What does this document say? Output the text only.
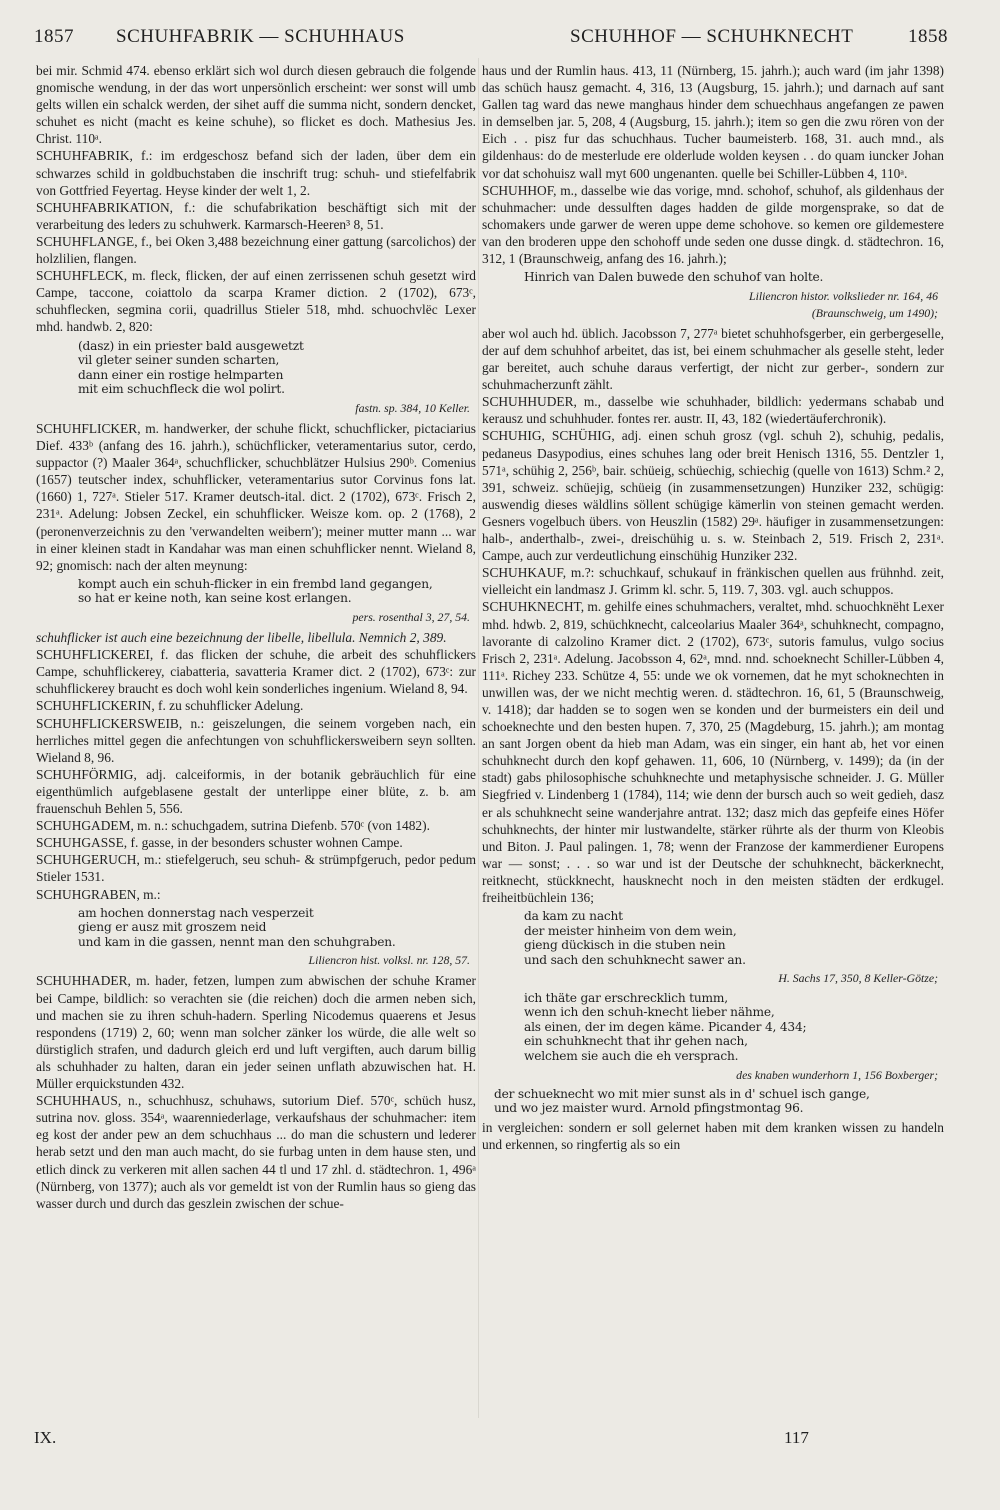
1857 SCHUHFABRIK — SCHUHHAUS	SCHUHHOF — SCHUHKNECHT	1858

bei mir. Schmid 474. ebenso erklärt sich wol durch diesen gebrauch die folgende gnomische wendung, in der das wort unpersönlich erscheint: wer sonst will umb gelts willen ein schalck werden, der sihet auff die summa nicht, sondern dencket, schuhet es nicht (macht es keine schuhe), so flicket es doch. Mathesius Jes. Christ. 110ᵃ.

SCHUHFABRIK, f.: im erdgeschosz befand sich der laden, über dem ein schwarzes schild in goldbuchstaben die inschrift trug: schuh- und stiefelfabrik von Gottfried Feyertag. Heyse kinder der welt 1, 2.

SCHUHFABRIKATION, f.: die schufabrikation beschäftigt sich mit der verarbeitung des leders zu schuhwerk. Karmarsch-Heeren³ 8, 51.

SCHUHFLANGE, f., bei Oken 3,488 bezeichnung einer gattung (sarcolichos) der holzlilien, flangen.

SCHUHFLECK, m. fleck, flicken, der auf einen zerrissenen schuh gesetzt wird Campe, taccone, coiattolo da scarpa Kramer diction. 2 (1702), 673ᶜ, schuhflecken, segmina corii, quadrillus Stieler 518, mhd. schuochvlëc Lexer mhd. handwb. 2, 820:

(dasz) in ein priester bald ausgewetzt
vil gleter seiner sunden scharten,
dann einer ein rostige helmparten
mit eim schuchfleck die wol polirt.
fastn. sp. 384, 10 Keller.

SCHUHFLICKER, m. handwerker, der schuhe flickt, schuchflicker, pictaciarius Dief. 433ᵇ (anfang des 16. jahrh.), schüchflicker, veteramentarius sutor, cerdo, suppactor (?) Maaler 364ᵃ, schuchflicker, schuchblätzer Hulsius 290ᵇ. Comenius (1657) teutscher index, schuhflicker, veteramentarius sutor Corvinus fons lat. (1660) 1, 727ᵃ. Stieler 517. Kramer deutsch-ital. dict. 2 (1702), 673ᶜ. Frisch 2, 231ᵃ. Adelung: Jobsen Zeckel, ein schuhflicker. Weisze kom. op. 2 (1768), 2 (peronenverzeichnis zu den 'verwandelten weibern'); meiner mutter mann ... war in einer kleinen stadt in Kandahar was man einen schuhflicker nennt. Wieland 8, 92; gnomisch: nach der alten meynung:

kompt auch ein schuh-flicker in ein frembd land gegangen,
so hat er keine noth, kan seine kost erlangen.
pers. rosenthal 3, 27, 54.

schuhflicker ist auch eine bezeichnung der libelle, libellula. Nemnich 2, 389.

SCHUHFLICKEREI, f. das flicken der schuhe, die arbeit des schuhflickers Campe, schuhflickerey, ciabatteria, savatteria Kramer dict. 2 (1702), 673ᶜ: zur schuhflickerey braucht es doch wohl kein sonderliches ingenium. Wieland 8, 94.

SCHUHFLICKERIN, f. zu schuhflicker Adelung.

SCHUHFLICKERSWEIB, n.: geiszelungen, die seinem vorgeben nach, ein herrliches mittel gegen die anfechtungen von schuhflickersweibern seyn sollten. Wieland 8, 96.

SCHUHFÖRMIG, adj. calceiformis, in der botanik gebräuchlich für eine eigenthümlich aufgeblasene gestalt der unterlippe einer blüte, z. b. am frauenschuh Behlen 5, 556.

SCHUHGADEM, m. n.: schuchgadem, sutrina Diefenb. 570ᶜ (von 1482).

SCHUHGASSE, f. gasse, in der besonders schuster wohnen Campe.

SCHUHGERUCH, m.: stiefelgeruch, seu schuh- & strümpfgeruch, pedor pedum Stieler 1531.

SCHUHGRABEN, m.:

am hochen donnerstag nach vesperzeit
gieng er ausz mit groszem neid
und kam in die gassen, nennt man den schuhgraben.
Liliencron hist. volksl. nr. 128, 57.

SCHUHHADER, m. hader, fetzen, lumpen zum abwischen der schuhe Kramer bei Campe, bildlich: so verachten sie (die reichen) doch die armen neben sich, und machen sie zu ihren schuh-hadern. Sperling Nicodemus quaerens et Jesus respondens (1719) 2, 60; wenn man solcher zänker los würde, die alle welt so dürstiglich strafen, und dadurch gleich erd und luft vergiften, auch darum billig als schuhhader zu halten, daran ein jeder seinen unflath abzuwischen hat. H. Müller erquickstunden 432.

SCHUHHAUS, n., schuchhusz, schuhaws, sutorium Dief. 570ᶜ, schüch husz, sutrina nov. gloss. 354ᵃ, waarenniederlage, verkaufshaus der schuhmacher: item eg kost der ander pew an dem schuchhaus ... do man die schustern und lederer herab setzt und den man auch macht, do sie furbag unten in dem hause sten, und etlich dinck zu verkeren mit allen sachen 44 tl und 17 zhl. d. städtechron. 1, 496ᵃ (Nürnberg, von 1377); auch als vor gemeldt ist von der Rumlin haus so gieng das wasser durch und durch das geszlein zwischen der schue-

haus und der Rumlin haus. 413, 11 (Nürnberg, 15. jahrh.); auch ward (im jahr 1398) das schüch hausz gemacht. 4, 316, 13 (Augsburg, 15. jahrh.); und darnach auf sant Gallen tag ward das newe manghaus hinder dem schuechhaus angefangen ze pawen in demselben jar. 5, 208, 4 (Augsburg, 15. jahrh.); item so gen die zwu rören von der Eich . . pisz fur das schuchhaus. Tucher baumeisterb. 168, 31. auch mnd., als gildenhaus: do de mesterlude ere olderlude wolden keysen . . do quam iuncker Johan vor dat schohuisz wall myt 600 ungenanten. quelle bei Schiller-Lübben 4, 110ᵃ.

SCHUHHOF, m., dasselbe wie das vorige, mnd. schohof, schuhof, als gildenhaus der schuhmacher: unde dessulften dages hadden de gilde morgensprake, so dat de schomakers unde garwer de weren uppe deme schohove. so kemen ore gildemestere van den broderen uppe den schohoff unde seden one dusse dingk. d. städtechron. 16, 312, 1 (Braunschweig, anfang des 16. jahrh.);

Hinrich van Dalen buwede den schuhof van holte.
Liliencron histor. volkslieder nr. 164, 46
(Braunschweig, um 1490);

aber wol auch hd. üblich. Jacobsson 7, 277ᵃ bietet schuhhofsgerber, ein gerbergeselle, der auf dem schuhhof arbeitet, das ist, bei einem schuhmacher als geselle steht, leder gar bereitet, auch schuhe daraus verfertigt, der nicht zur gerber-, sondern zur schuhmacherzunft zählt.

SCHUHHUDER, m., dasselbe wie schuhhader, bildlich: yedermans schabab und kerausz und schuhhuder. fontes rer. austr. II, 43, 182 (wiedertäuferchronik).

SCHUHIG, SCHÜHIG, adj. einen schuh grosz (vgl. schuh 2), schuhig, pedalis, pedaneus Dasypodius, eines schuhes lang oder breit Henisch 1316, 55. Dentzler 1, 571ᵃ, schühig 2, 256ᵇ, bair. schüeig, schüechig, schiechig (quelle von 1613) Schm.² 2, 391, schweiz. schüejig, schüeig (in zusammensetzungen) Hunziker 232, schügig: auswendig dieses wäldlins söllent schügige kämerlin von steinen gemacht werden. Gesners vogelbuch übers. von Heuszlin (1582) 29ᵃ. häufiger in zusammensetzungen: halb-, anderthalb-, zwei-, dreischühig u. s. w. Steinbach 2, 519. Frisch 2, 231ᵃ. Campe, auch zur verdeutlichung einschühig Hunziker 232.

SCHUHKAUF, m.?: schuchkauf, schukauf in fränkischen quellen aus frühnhd. zeit, vielleicht ein landmasz J. Grimm kl. schr. 5, 119. 7, 303. vgl. auch schuppos.

SCHUHKNECHT, m. gehilfe eines schuhmachers, veraltet, mhd. schuochknëht Lexer mhd. hdwb. 2, 819, schüchknecht, calceolarius Maaler 364ᵃ, schuhknecht, compagno, lavorante di calzolino Kramer dict. 2 (1702), 673ᶜ, sutoris famulus, vulgo socius Frisch 2, 231ᵃ. Adelung. Jacobsson 4, 62ᵃ, mnd. nnd. schoeknecht Schiller-Lübben 4, 111ᵃ. Richey 233. Schütze 4, 55: unde we ok vornemen, dat he myt schoknechten in unwillen was, der we nicht mechtig weren. d. städtechron. 16, 61, 5 (Braunschweig, v. 1418); dar hadden se to sogen wen se konden und der burmeisters ein deil und schoeknechte und den besten hupen. 7, 370, 25 (Magdeburg, 15. jahrh.); am montag an sant Jorgen obent da hieb man Adam, was ein singer, ein hant ab, het vor einen schuhknecht durch den kopf gehawen. 11, 606, 10 (Nürnberg, v. 1499); da (in der stadt) gabs philosophische schuhknechte und metaphysische schneider. J. G. Müller Siegfried v. Lindenberg 1 (1784), 114; wie denn der bursch auch so weit gedieh, dasz er als schuhknecht seine wanderjahre antrat. 132; dasz mich das gepfeife eines Höfer schuhknechts, der hinter mir lustwandelte, stärker rührte als der thurm von Kleobis und Biton. J. Paul palingen. 1, 78; wenn der Franzose der kammerdiener Europens war — sonst; . . . so war und ist der Deutsche der schuhknecht, bäckerknecht, reitknecht, stückknecht, hausknecht noch in den meisten städten der erdkugel. freiheitbüchlein 136;

da kam zu nacht
der meister hinheim von dem wein,
gieng dückisch in die stuben nein
und sach den schuhknecht sawer an.
H. Sachs 17, 350, 8 Keller-Götze;
ich thäte gar erschrecklich tumm,
wenn ich den schuh-knecht lieber nähme,
als einen, der im degen käme. Picander 4, 434;
ein schuhknecht that ihr gehen nach,
welchem sie auch die eh versprach.
des knaben wunderhorn 1, 156 Boxberger;
der schueknecht wo mit mier sunst als in d' schuel isch gange,
und wo jez maister wurd. Arnold pfingstmontag 96.

in vergleichen: sondern er soll gelernet haben mit dem kranken wissen zu handeln und erkennen, so ringfertig als so ein

IX.	117
